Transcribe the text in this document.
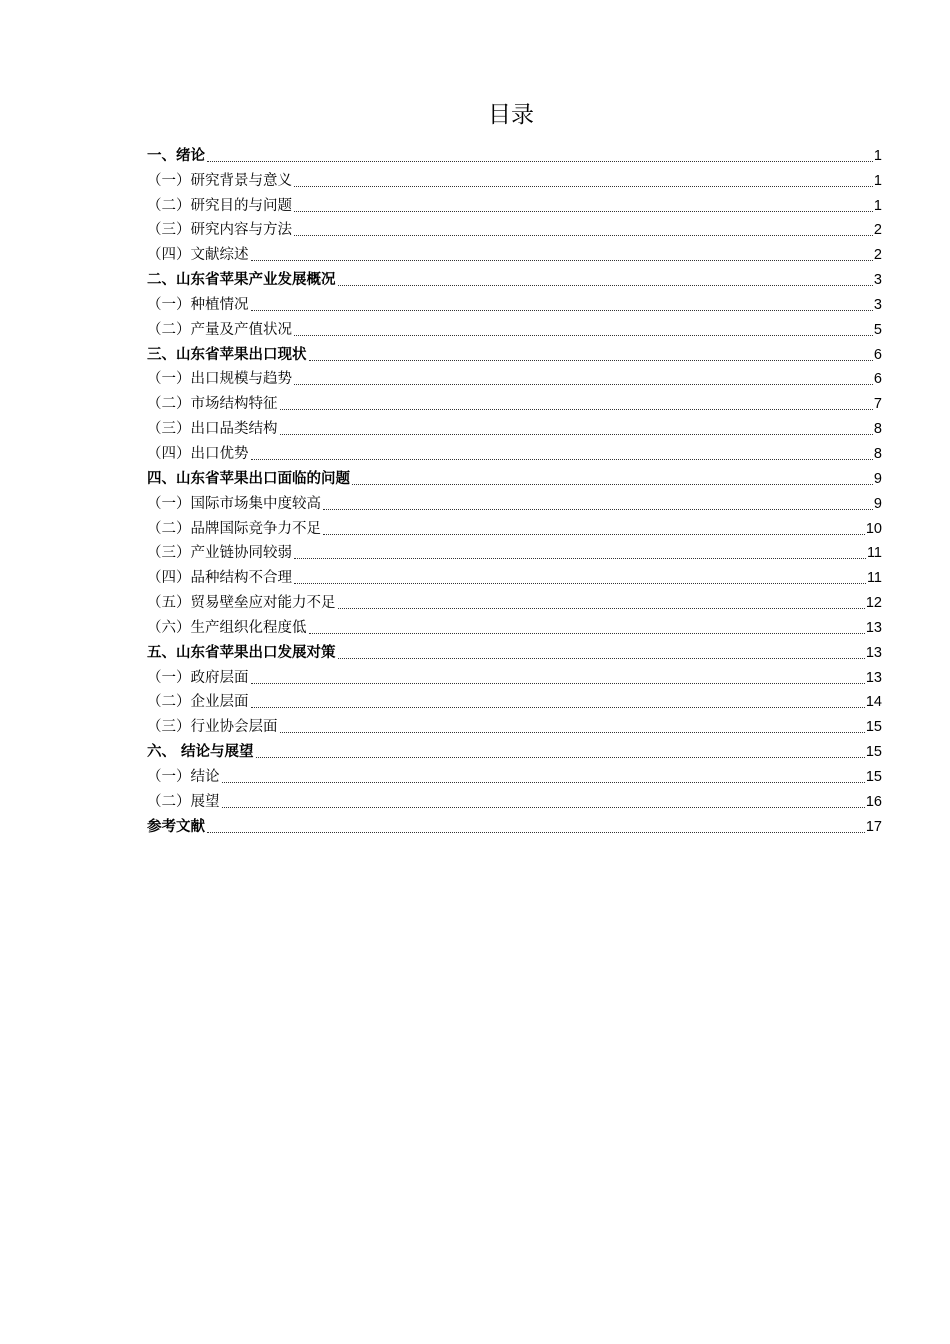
目录
一、绪论	1
（一）研究背景与意义	1
（二）研究目的与问题	1
（三）研究内容与方法	2
（四）文献综述	2
二、山东省苹果产业发展概况	3
（一）种植情况	3
（二）产量及产值状况	5
三、山东省苹果出口现状	6
（一）出口规模与趋势	6
（二）市场结构特征	7
（三）出口品类结构	8
（四）出口优势	8
四、山东省苹果出口面临的问题	9
（一）国际市场集中度较高	9
（二）品牌国际竞争力不足	10
（三）产业链协同较弱	11
（四）品种结构不合理	11
（五）贸易壁垒应对能力不足	12
（六）生产组织化程度低	13
五、山东省苹果出口发展对策	13
（一）政府层面	13
（二）企业层面	14
（三）行业协会层面	15
六、 结论与展望	15
（一）结论	15
（二）展望	16
参考文献	17
